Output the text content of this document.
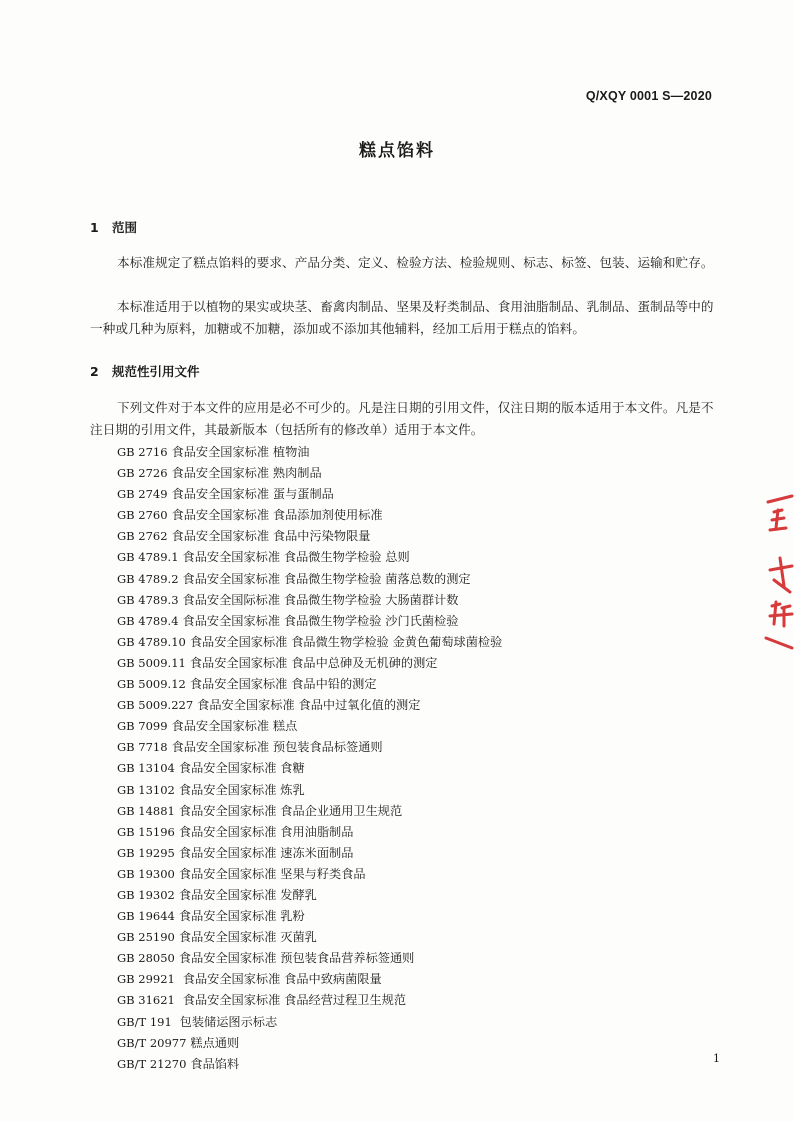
Q/XQY 0001 S—2020
糕点馅料
1 范围

本标准规定了糕点馅料的要求、产品分类、定义、检验方法、检验规则、标志、标签、包装、运输和贮存。

本标准适用于以植物的果实或块茎、畜禽肉制品、坚果及籽类制品、食用油脂制品、乳制品、蛋制品等中的一种或几种为原料，加糖或不加糖，添加或不添加其他辅料，经加工后用于糕点的馅料。

2 规范性引用文件

下列文件对于本文件的应用是必不可少的。凡是注日期的引用文件，仅注日期的版本适用于本文件。凡是不注日期的引用文件，其最新版本（包括所有的修改单）适用于本文件。

GB 2716 食品安全国家标准 植物油
GB 2726 食品安全国家标准 熟肉制品
GB 2749 食品安全国家标准 蛋与蛋制品
GB 2760 食品安全国家标准 食品添加剂使用标准
GB 2762 食品安全国家标准 食品中污染物限量
GB 4789.1 食品安全国家标准 食品微生物学检验 总则
GB 4789.2 食品安全国家标准 食品微生物学检验 菌落总数的测定
GB 4789.3 食品安全国际标准 食品微生物学检验 大肠菌群计数
GB 4789.4 食品安全国家标准 食品微生物学检验 沙门氏菌检验
GB 4789.10 食品安全国家标准 食品微生物学检验 金黄色葡萄球菌检验
GB 5009.11 食品安全国家标准 食品中总砷及无机砷的测定
GB 5009.12 食品安全国家标准 食品中铅的测定
GB 5009.227 食品安全国家标准 食品中过氧化值的测定
GB 7099 食品安全国家标准 糕点
GB 7718 食品安全国家标准 预包装食品标签通则
GB 13104 食品安全国家标准 食糖
GB 13102 食品安全国家标准 炼乳
GB 14881 食品安全国家标准 食品企业通用卫生规范
GB 15196 食品安全国家标准 食用油脂制品
GB 19295 食品安全国家标准 速冻米面制品
GB 19300 食品安全国家标准 坚果与籽类食品
GB 19302 食品安全国家标准 发酵乳
GB 19644 食品安全国家标准 乳粉
GB 25190 食品安全国家标准 灭菌乳
GB 28050 食品安全国家标准 预包装食品营养标签通则
GB 29921 食品安全国家标准 食品中致病菌限量
GB 31621 食品安全国家标准 食品经营过程卫生规范
GB/T 191 包装储运图示标志
GB/T 20977 糕点通则
GB/T 21270 食品馅料	1
